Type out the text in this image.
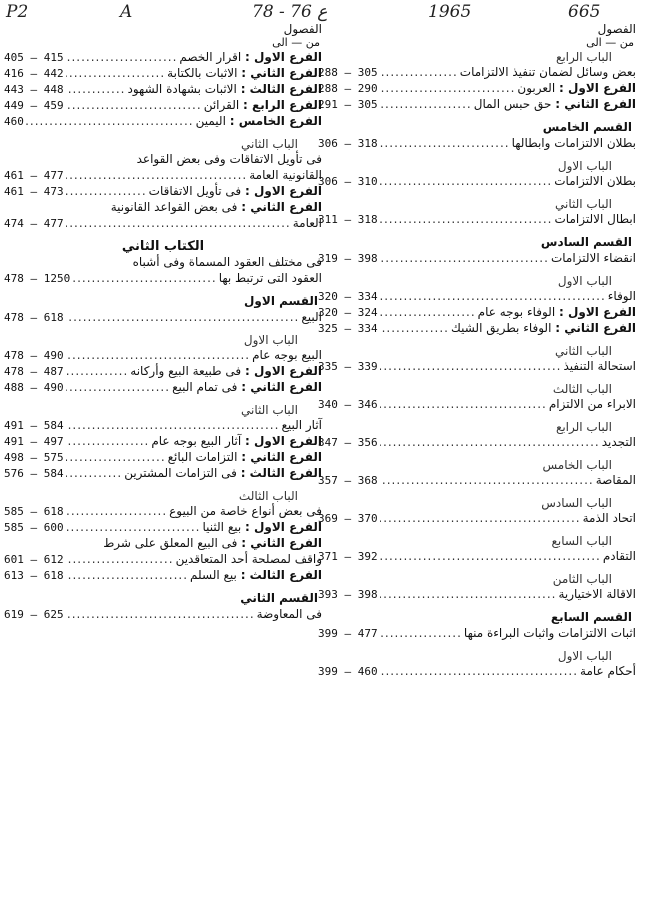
P2	A	78 - 76 ع	1965	665
الفصول
من — الى
الباب الرابع
بعض وسائل لضمان تنفيذ الالتزامات
.....
288 — 305
الفرع الاول : العربون
.....
288 — 290
الفرع الثاني : حق حبس المال
.....
291 — 305
القسم الخامس
بطلان الالتزامات وابطالها
.....
306 — 318
الباب الاول
بطلان الالتزامات
.....
306 — 310
الباب الثاني
ابطال الالتزامات
.....
311 — 318
القسم السادس
انقضاء الالتزامات
.....
319 — 398
الباب الاول
الوفاء
.....
320 — 334
الفرع الاول : الوفاء بوجه عام
.....
320 — 324
الفرع الثاني : الوفاء بطريق الشيك
.....
325 — 334
الباب الثاني
استحالة التنفيذ
.....
335 — 339
الباب الثالث
الابراء من الالتزام
.....
340 — 346
الباب الرابع
التجديد
.....
347 — 356
الباب الخامس
المقاصة
.....
357 — 368
الباب السادس
اتحاد الذمة
.....
369 — 370
الباب السابع
التقادم
.....
371 — 392
الباب الثامن
الاقالة الاختيارية
.....
393 — 398
القسم السابع
اثبات الالتزامات واثبات البراءة منها
.....
399 — 477
الباب الاول
أحكام عامة
.....
399 — 460
الفصول
من — الى
الفرع الاول : اقرار الخصم
.....
405 — 415
الفرع الثاني : الاثبات بالكتابة
.....
416 — 442
الفرع الثالث : الاثبات بشهادة الشهود
.....
443 — 448
الفرع الرابع : القرائن
.....
449 — 459
الفرع الخامس : اليمين
.....
460
الباب الثاني
فى تأويل الاتفاقات وفى بعض القواعد
القانونية العامة
.....
461 — 477
الفرع الاول : فى تأويل الاتفاقات
.....
461 — 473
الفرع الثاني : فى بعض القواعد القانونية
العامة
.....
474 — 477
الكتاب الثاني
فى مختلف العقود المسماة وفى أشباه
العقود التى ترتبط بها
.....
478 — 1250
القسم الاول
البيع
.....
478 — 618
الباب الاول
البيع بوجه عام
.....
478 — 490
الفرع الاول : فى طبيعة البيع وأركانه
.....
478 — 487
الفرع الثاني : فى تمام البيع
.....
488 — 490
الباب الثاني
آثار البيع
.....
491 — 584
الفرع الاول : آثار البيع بوجه عام
.....
491 — 497
الفرع الثاني : التزامات البائع
.....
498 — 575
الفرع الثالث : فى التزامات المشترين
.....
576 — 584
الباب الثالث
فى بعض أنواع خاصة من البيوع
.....
585 — 618
الفرع الاول : بيع الثنيا
.....
585 — 600
الفرع الثاني : فى البيع المعلق على شرط
واقف لمصلحة أحد المتعاقدين
.....
601 — 612
الفرع الثالث : بيع السلم
.....
613 — 618
القسم الثاني
فى المعاوضة
.....
619 — 625
